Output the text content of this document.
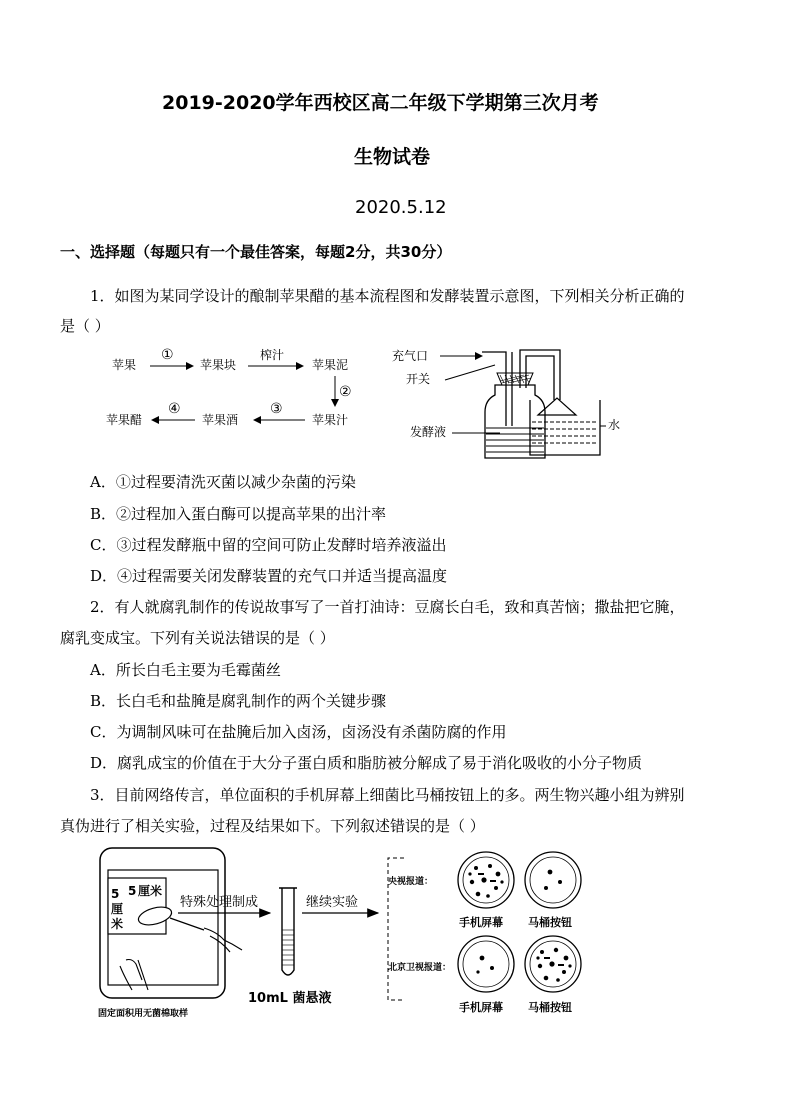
2019-2020学年西校区高二年级下学期第三次月考
生物试卷
2020.5.12
一、选择题（每题只有一个最佳答案，每题2分，共30分）
1．如图为某同学设计的酿制苹果醋的基本流程图和发酵装置示意图，下列相关分析正确的
是（ ）
苹果
①
苹果块
榨汁
苹果泥
②
苹果汁
③
苹果酒
④
苹果醋
充气口
开关
发酵液	水
A．①过程要清洗灭菌以减少杂菌的污染
B．②过程加入蛋白酶可以提高苹果的出汁率
C．③过程发酵瓶中留的空间可防止发酵时培养液溢出
D．④过程需要关闭发酵装置的充气口并适当提高温度
2．有人就腐乳制作的传说故事写了一首打油诗：豆腐长白毛，致和真苦恼；撒盐把它腌，
腐乳变成宝。下列有关说法错误的是（ ）
A．所长白毛主要为毛霉菌丝
B．长白毛和盐腌是腐乳制作的两个关键步骤
C．为调制风味可在盐腌后加入卤汤，卤汤没有杀菌防腐的作用
D．腐乳成宝的价值在于大分子蛋白质和脂肪被分解成了易于消化吸收的小分子物质
3．目前网络传言，单位面积的手机屏幕上细菌比马桶按钮上的多。两生物兴趣小组为辨别
真伪进行了相关实验，过程及结果如下。下列叙述错误的是（ ）
5 厘米
5
厘
米
固定面积用无菌棉取样
特殊处理制成
10mL 菌悬液
继续实验
央视报道：
北京卫视报道：
手机屏幕 马桶按钮
手机屏幕 马桶按钮
